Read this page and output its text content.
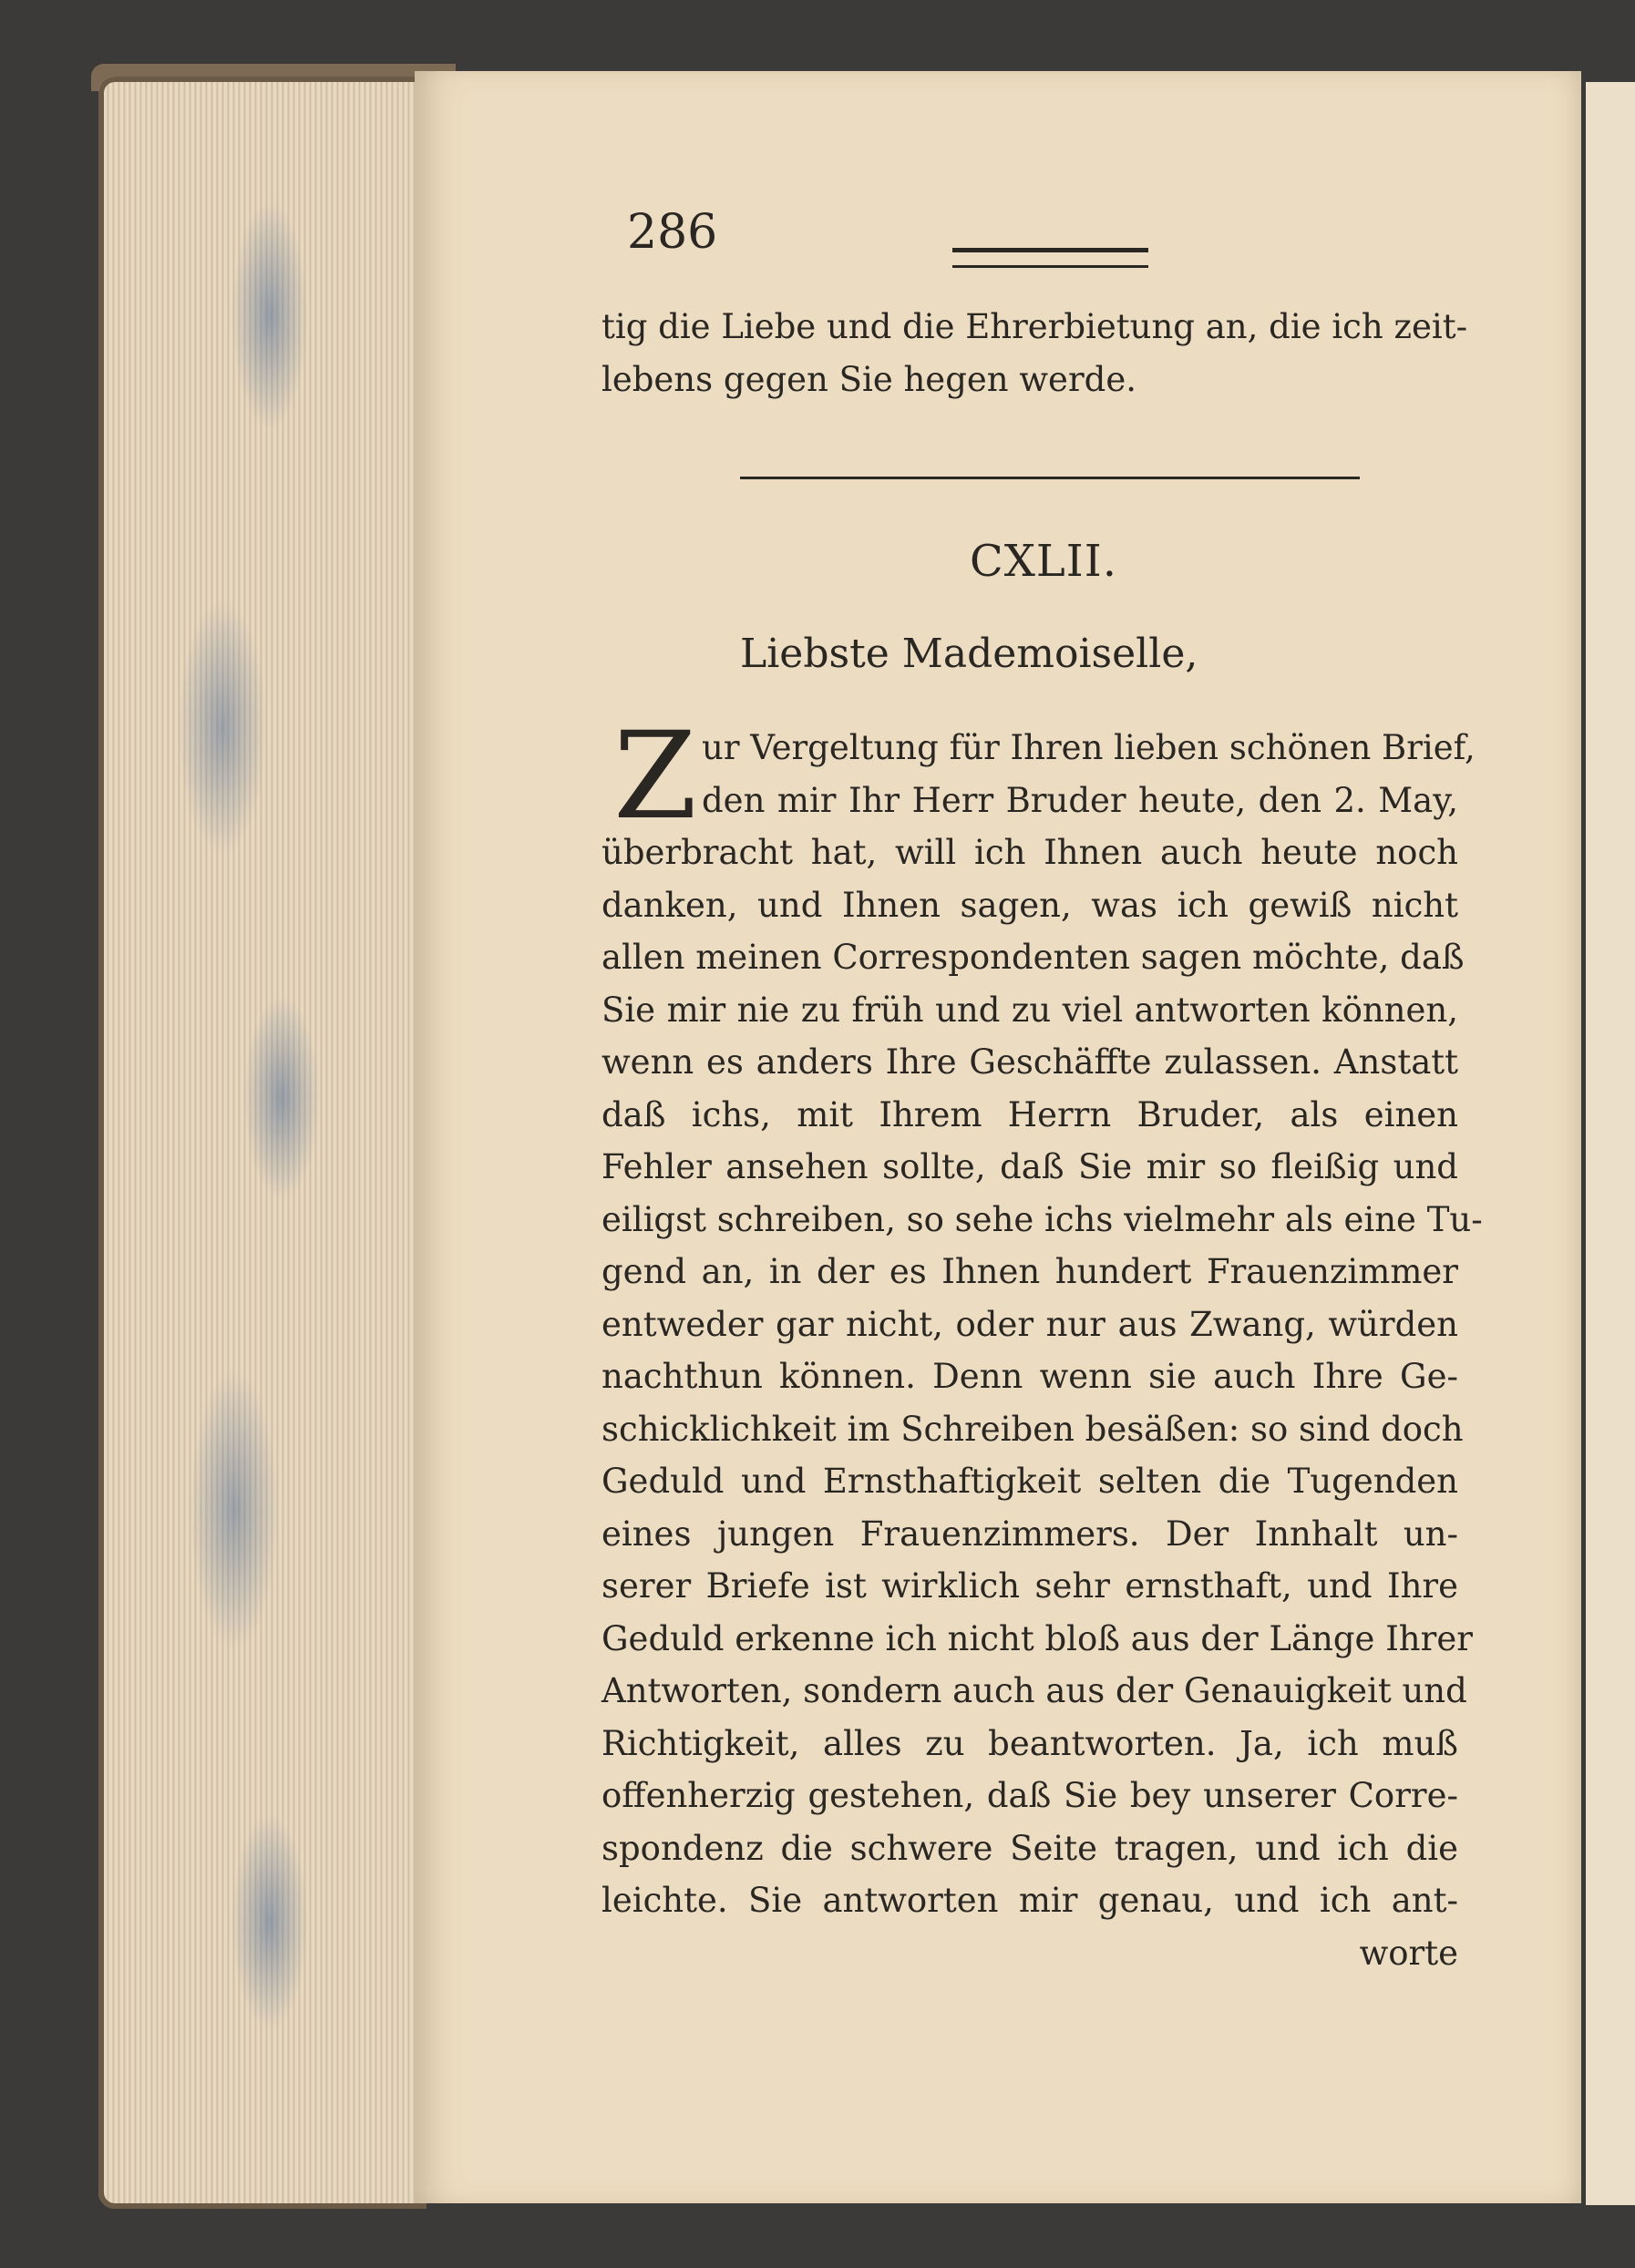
286
tig die Liebe und die Ehrerbietung an, die ich zeit-
lebens gegen Sie hegen werde.
CXLII.
Liebste Mademoiselle,
Z ur Vergeltung für Ihren lieben schönen Brief,
den mir Ihr Herr Bruder heute, den 2. May,
überbracht hat, will ich Ihnen auch heute noch
danken, und Ihnen sagen, was ich gewiß nicht
allen meinen Correspondenten sagen möchte, daß
Sie mir nie zu früh und zu viel antworten können,
wenn es anders Ihre Geschäffte zulassen. Anstatt
daß ichs, mit Ihrem Herrn Bruder, als einen
Fehler ansehen sollte, daß Sie mir so fleißig und
eiligst schreiben, so sehe ichs vielmehr als eine Tu-
gend an, in der es Ihnen hundert Frauenzimmer
entweder gar nicht, oder nur aus Zwang, würden
nachthun können. Denn wenn sie auch Ihre Ge-
schicklichkeit im Schreiben besäßen: so sind doch
Geduld und Ernsthaftigkeit selten die Tugenden
eines jungen Frauenzimmers. Der Innhalt un-
serer Briefe ist wirklich sehr ernsthaft, und Ihre
Geduld erkenne ich nicht bloß aus der Länge Ihrer
Antworten, sondern auch aus der Genauigkeit und
Richtigkeit, alles zu beantworten. Ja, ich muß
offenherzig gestehen, daß Sie bey unserer Corre-
spondenz die schwere Seite tragen, und ich die
leichte. Sie antworten mir genau, und ich ant-
worte
